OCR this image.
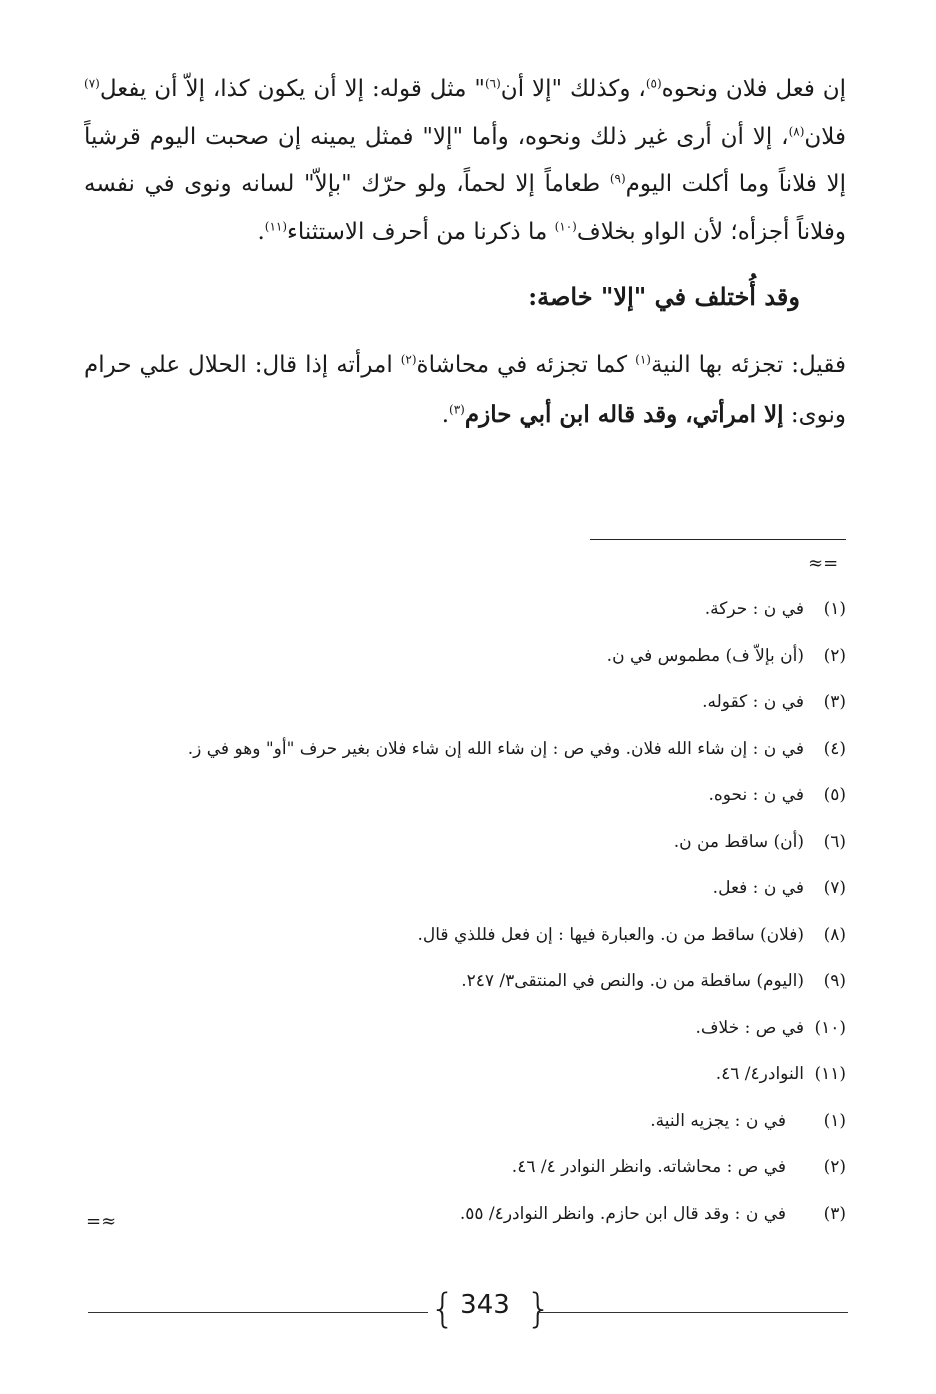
إن فعل فلان ونحوه$^{(٥)}$، وكذلك "إلا أن$^{(٦)}$" مثل قوله: إلا أن يكون كذا، إلاّ أن يفعل$^{(٧)}$ فلان$^{(٨)}$، إلا أن أرى غير ذلك ونحوه، وأما "إلا" فمثل يمينه إن صحبت اليوم قرشياً إلا فلاناً وما أكلت اليوم$^{(٩)}$ طعاماً إلا لحماً، ولو حرّك "بإلاّ" لسانه ونوى في نفسه وفلاناً أجزأه؛ لأن الواو بخلاف$^{(١٠)}$ ما ذكرنا من أحرف الاستثناء$^{(١١)}$.

وقد أُختلف في "إلا" خاصة:

فقيل: تجزئه بها النية$^{(١)}$ كما تجزئه في محاشاة$^{(٢)}$ امرأته إذا قال: الحلال علي حرام ونوى: إلا امرأتي، وقد قاله ابن أبي حازم$^{(٣)}$.

≈=
(١)
في ن : حركة.
(٢)
(أن بإلاّ ف) مطموس في ن.
(٣)
في ن : كقوله.
(٤)
في ن : إن شاء الله فلان. وفي ص : إن شاء الله إن شاء فلان بغير حرف "أو" وهو في ز.
(٥)
في ن : نحوه.
(٦)
(أن) ساقط من ن.
(٧)
في ن : فعل.
(٨)
(فلان) ساقط من ن. والعبارة فيها : إن فعل فللذي قال.
(٩)
(اليوم) ساقطة من ن. والنص في المنتقى٣/ ٢٤٧.
(١٠)
في ص : خلاف.
(١١)
النوادر٤/ ٤٦.
(١)
في ن : يجزيه النية.
(٢)
في ص : محاشاته. وانظر النوادر ٤/ ٤٦.
(٣)
في ن : وقد قال ابن حازم. وانظر النوادر٤/ ٥٥.
=≈
{ 343 }
